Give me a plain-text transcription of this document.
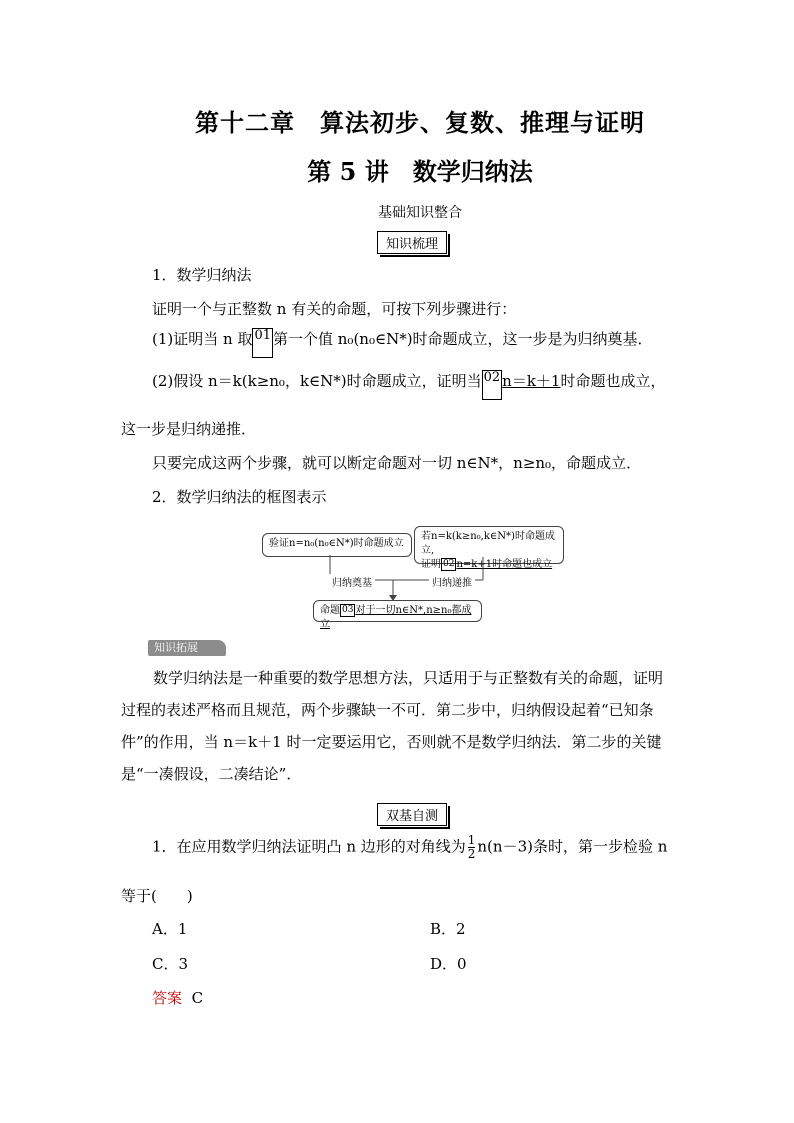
第十二章　算法初步、复数、推理与证明
第 5 讲　数学归纳法
基础知识整合
知识梳理
1．数学归纳法
证明一个与正整数 n 有关的命题，可按下列步骤进行：
(1)证明当 n 取 01 第一个值 n₀(n₀∈N*)时命题成立，这一步是为归纳奠基．
(2)假设 n＝k(k≥n₀，k∈N*)时命题成立，证明当 02 n＝k＋1时命题也成立，
这一步是归纳递推．
只要完成这两个步骤，就可以断定命题对一切 n∈N*，n≥n₀，命题成立．
2．数学归纳法的框图表示
验证n=n₀(n₀∈N*)时命题成立
若n=k(k≥n₀,k∈N*)时命题成立,
证明 02 n=k+1时命题也成立
归纳奠基	归纳递推
命题 03 对于一切n∈N*,n≥n₀都成立
知识拓展
数学归纳法是一种重要的数学思想方法，只适用于与正整数有关的命题，证明过程的表述严格而且规范，两个步骤缺一不可．第二步中，归纳假设起着“已知条件”的作用，当 n＝k＋1 时一定要运用它，否则就不是数学归纳法．第二步的关键是“一凑假设，二凑结论”．
双基自测
1．在应用数学归纳法证明凸 n 边形的对角线为 $\frac{1}{2} n(n-3)$条时，第一步检验 n
等于(　　)
A．1	B．2
C．3	D．0
答案 C
